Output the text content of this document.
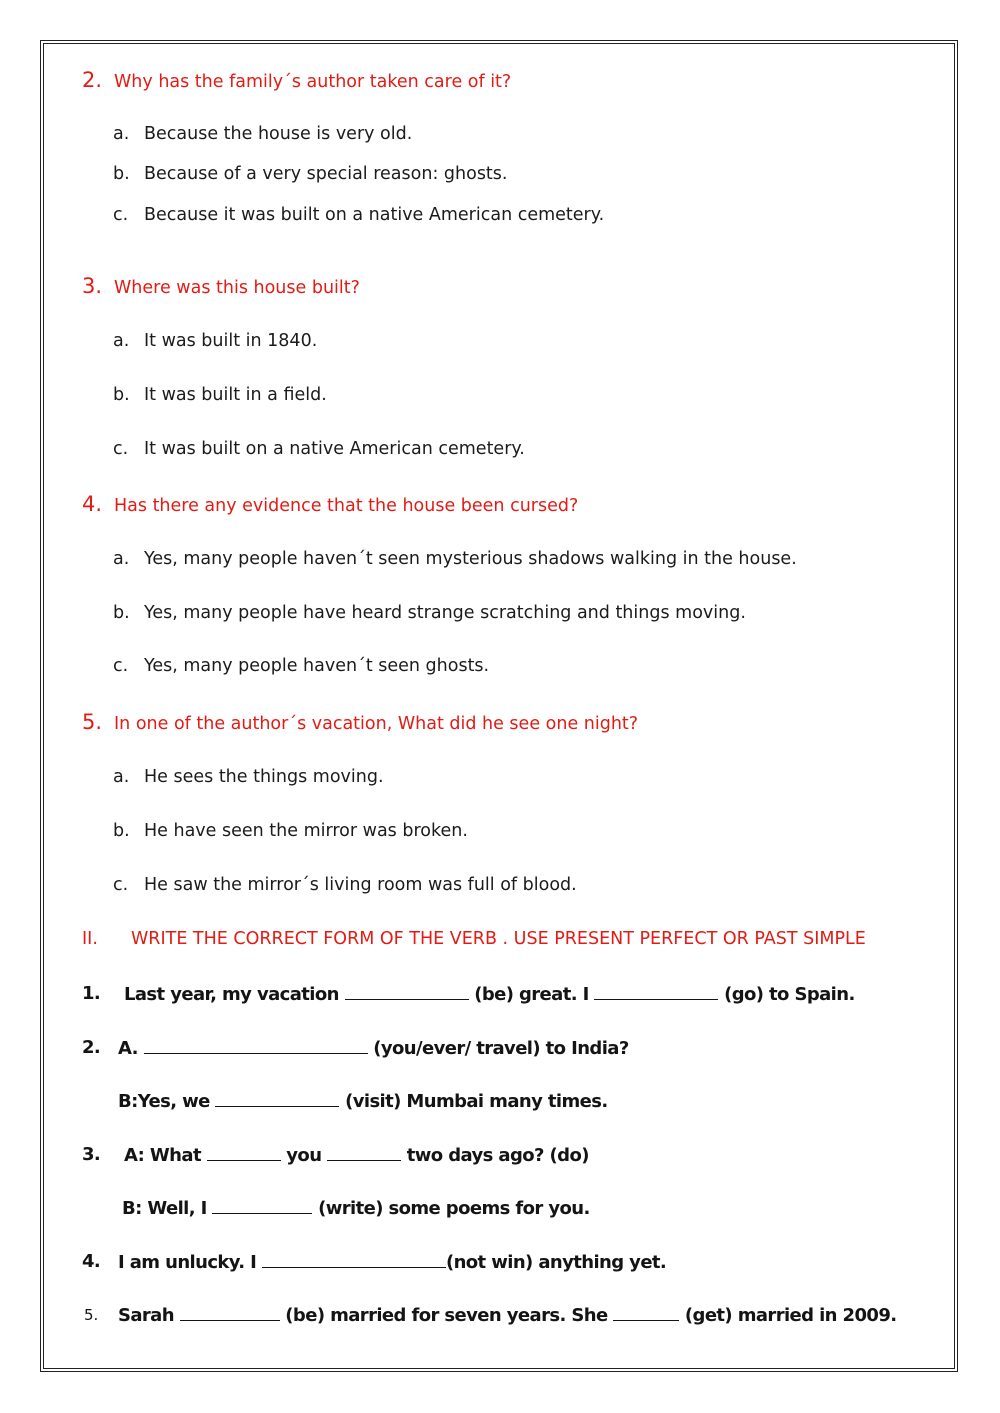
2. Why has the family´s author taken care of it?
a. Because the house is very old.
b. Because of a very special reason: ghosts.
c. Because it was built on a native American cemetery.
3. Where was this house built?
a. It was built in 1840.
b. It was built in a field.
c. It was built on a native American cemetery.
4. Has there any evidence that the house been cursed?
a. Yes, many people haven´t seen mysterious shadows walking in the house.
b. Yes, many people have heard strange scratching and things moving.
c. Yes, many people haven´t seen ghosts.
5. In one of the author´s vacation, What did he see one night?
a. He sees the things moving.
b. He have seen the mirror was broken.
c. He saw the mirror´s living room was full of blood.
II. WRITE THE CORRECT FORM OF THE VERB . USE PRESENT PERFECT OR PAST SIMPLE
1. Last year, my vacation	(be) great. I	(go) to Spain.
2. A.	(you/ever/ travel) to India?
B:Yes, we	(visit) Mumbai many times.
3. A: What	you	two days ago? (do)
B: Well, I	(write) some poems for you.
4. I am unlucky. I	(not win) anything yet.
5. Sarah	(be) married for seven years. She	(get) married in 2009.
